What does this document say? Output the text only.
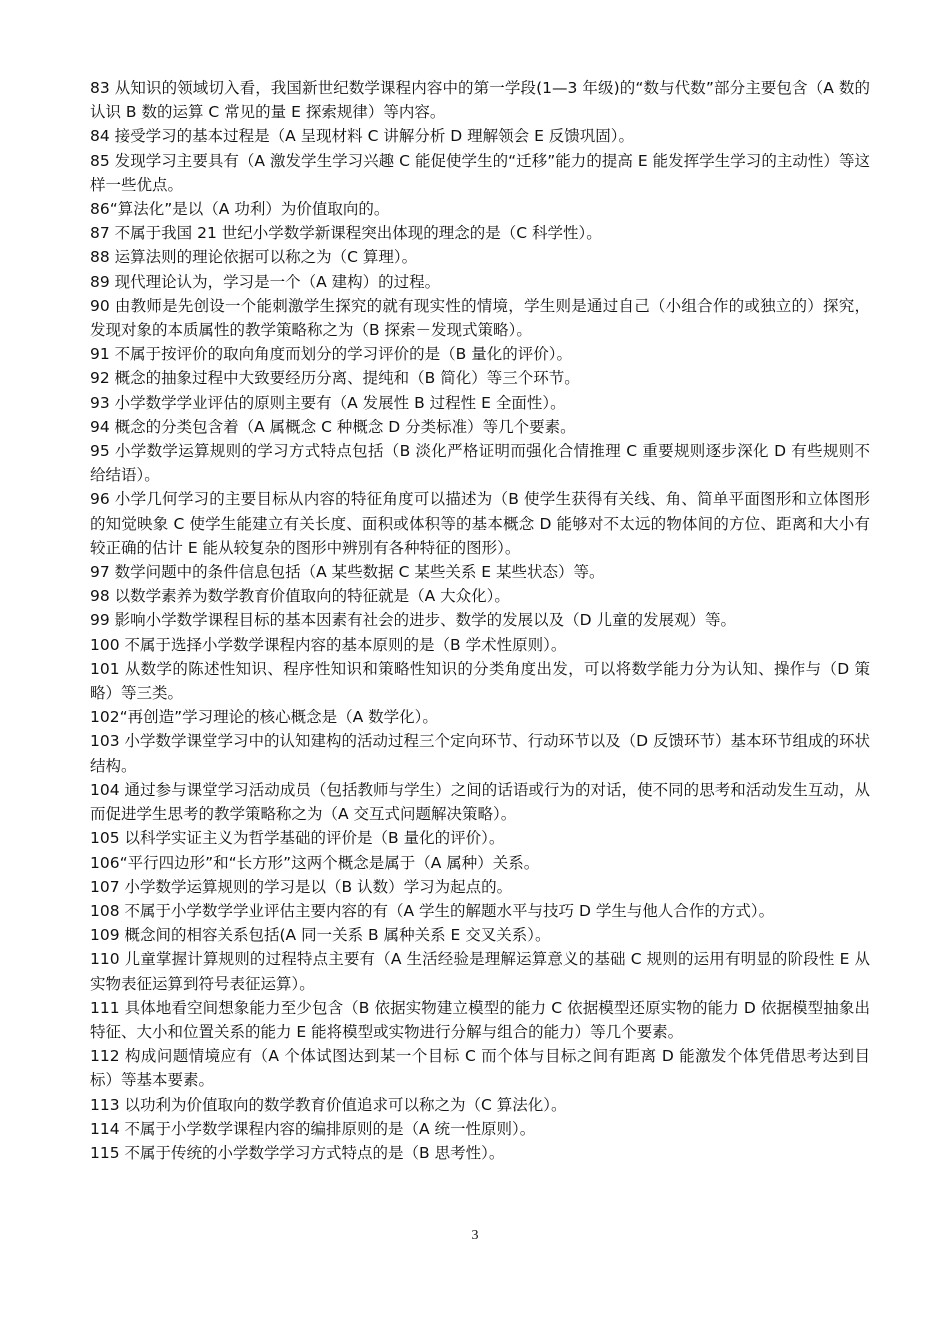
83 从知识的领域切入看，我国新世纪数学课程内容中的第一学段(1—3 年级)的“数与代数”部分主要包含（A 数的认识 B 数的运算 C 常见的量 E 探索规律）等内容。

84 接受学习的基本过程是（A 呈现材料 C 讲解分析 D 理解领会 E 反馈巩固）。

85 发现学习主要具有（A 激发学生学习兴趣 C 能促使学生的“迁移”能力的提高 E 能发挥学生学习的主动性）等这样一些优点。

86“算法化”是以（A 功利）为价值取向的。

87 不属于我国 21 世纪小学数学新课程突出体现的理念的是（C 科学性）。

88 运算法则的理论依据可以称之为（C 算理）。

89 现代理论认为，学习是一个（A 建构）的过程。

90 由教师是先创设一个能刺激学生探究的就有现实性的情境，学生则是通过自己（小组合作的或独立的）探究，发现对象的本质属性的教学策略称之为（B 探索－发现式策略）。

91 不属于按评价的取向角度而划分的学习评价的是（B 量化的评价）。

92 概念的抽象过程中大致要经历分离、提纯和（B 简化）等三个环节。

93 小学数学学业评估的原则主要有（A 发展性 B 过程性 E 全面性）。

94 概念的分类包含着（A 属概念 C 种概念 D 分类标准）等几个要素。

95 小学数学运算规则的学习方式特点包括（B 淡化严格证明而强化合情推理 C 重要规则逐步深化 D 有些规则不给结语）。

96 小学几何学习的主要目标从内容的特征角度可以描述为（B 使学生获得有关线、角、简单平面图形和立体图形的知觉映象 C 使学生能建立有关长度、面积或体积等的基本概念 D 能够对不太远的物体间的方位、距离和大小有较正确的估计 E 能从较复杂的图形中辨別有各种特征的图形）。

97 数学问题中的条件信息包括（A 某些数据 C 某些关系 E 某些状态）等。

98 以数学素养为数学教育价值取向的特征就是（A 大众化）。

99 影响小学数学课程目标的基本因素有社会的进步、数学的发展以及（D 儿童的发展观）等。

100 不属于选择小学数学课程内容的基本原则的是（B 学术性原则）。

101 从数学的陈述性知识、程序性知识和策略性知识的分类角度出发，可以将数学能力分为认知、操作与（D 策略）等三类。

102“再创造”学习理论的核心概念是（A 数学化）。

103 小学数学课堂学习中的认知建构的活动过程三个定向环节、行动环节以及（D 反馈环节）基本环节组成的环状结构。

104 通过参与课堂学习活动成员（包括教师与学生）之间的话语或行为的对话，使不同的思考和活动发生互动，从而促进学生思考的教学策略称之为（A 交互式问题解决策略）。

105 以科学实证主义为哲学基础的评价是（B 量化的评价）。

106“平行四边形”和“长方形”这两个概念是属于（A 属种）关系。

107 小学数学运算规则的学习是以（B 认数）学习为起点的。

108 不属于小学数学学业评估主要内容的有（A 学生的解题水平与技巧 D 学生与他人合作的方式）。

109 概念间的相容关系包括(A 同一关系 B 属种关系 E 交叉关系）。

110 儿童掌握计算规则的过程特点主要有（A 生活经验是理解运算意义的基础 C 规则的运用有明显的阶段性 E 从实物表征运算到符号表征运算）。

111 具体地看空间想象能力至少包含（B 依据实物建立模型的能力 C 依据模型还原实物的能力 D 依据模型抽象出特征、大小和位置关系的能力 E 能将模型或实物进行分解与组合的能力）等几个要素。

112 构成问题情境应有（A 个体试图达到某一个目标 C 而个体与目标之间有距离 D 能激发个体凭借思考达到目标）等基本要素。

113 以功利为价值取向的数学教育价值追求可以称之为（C 算法化）。

114 不属于小学数学课程内容的编排原则的是（A 统一性原则）。

115 不属于传统的小学数学学习方式特点的是（B 思考性）。

3
